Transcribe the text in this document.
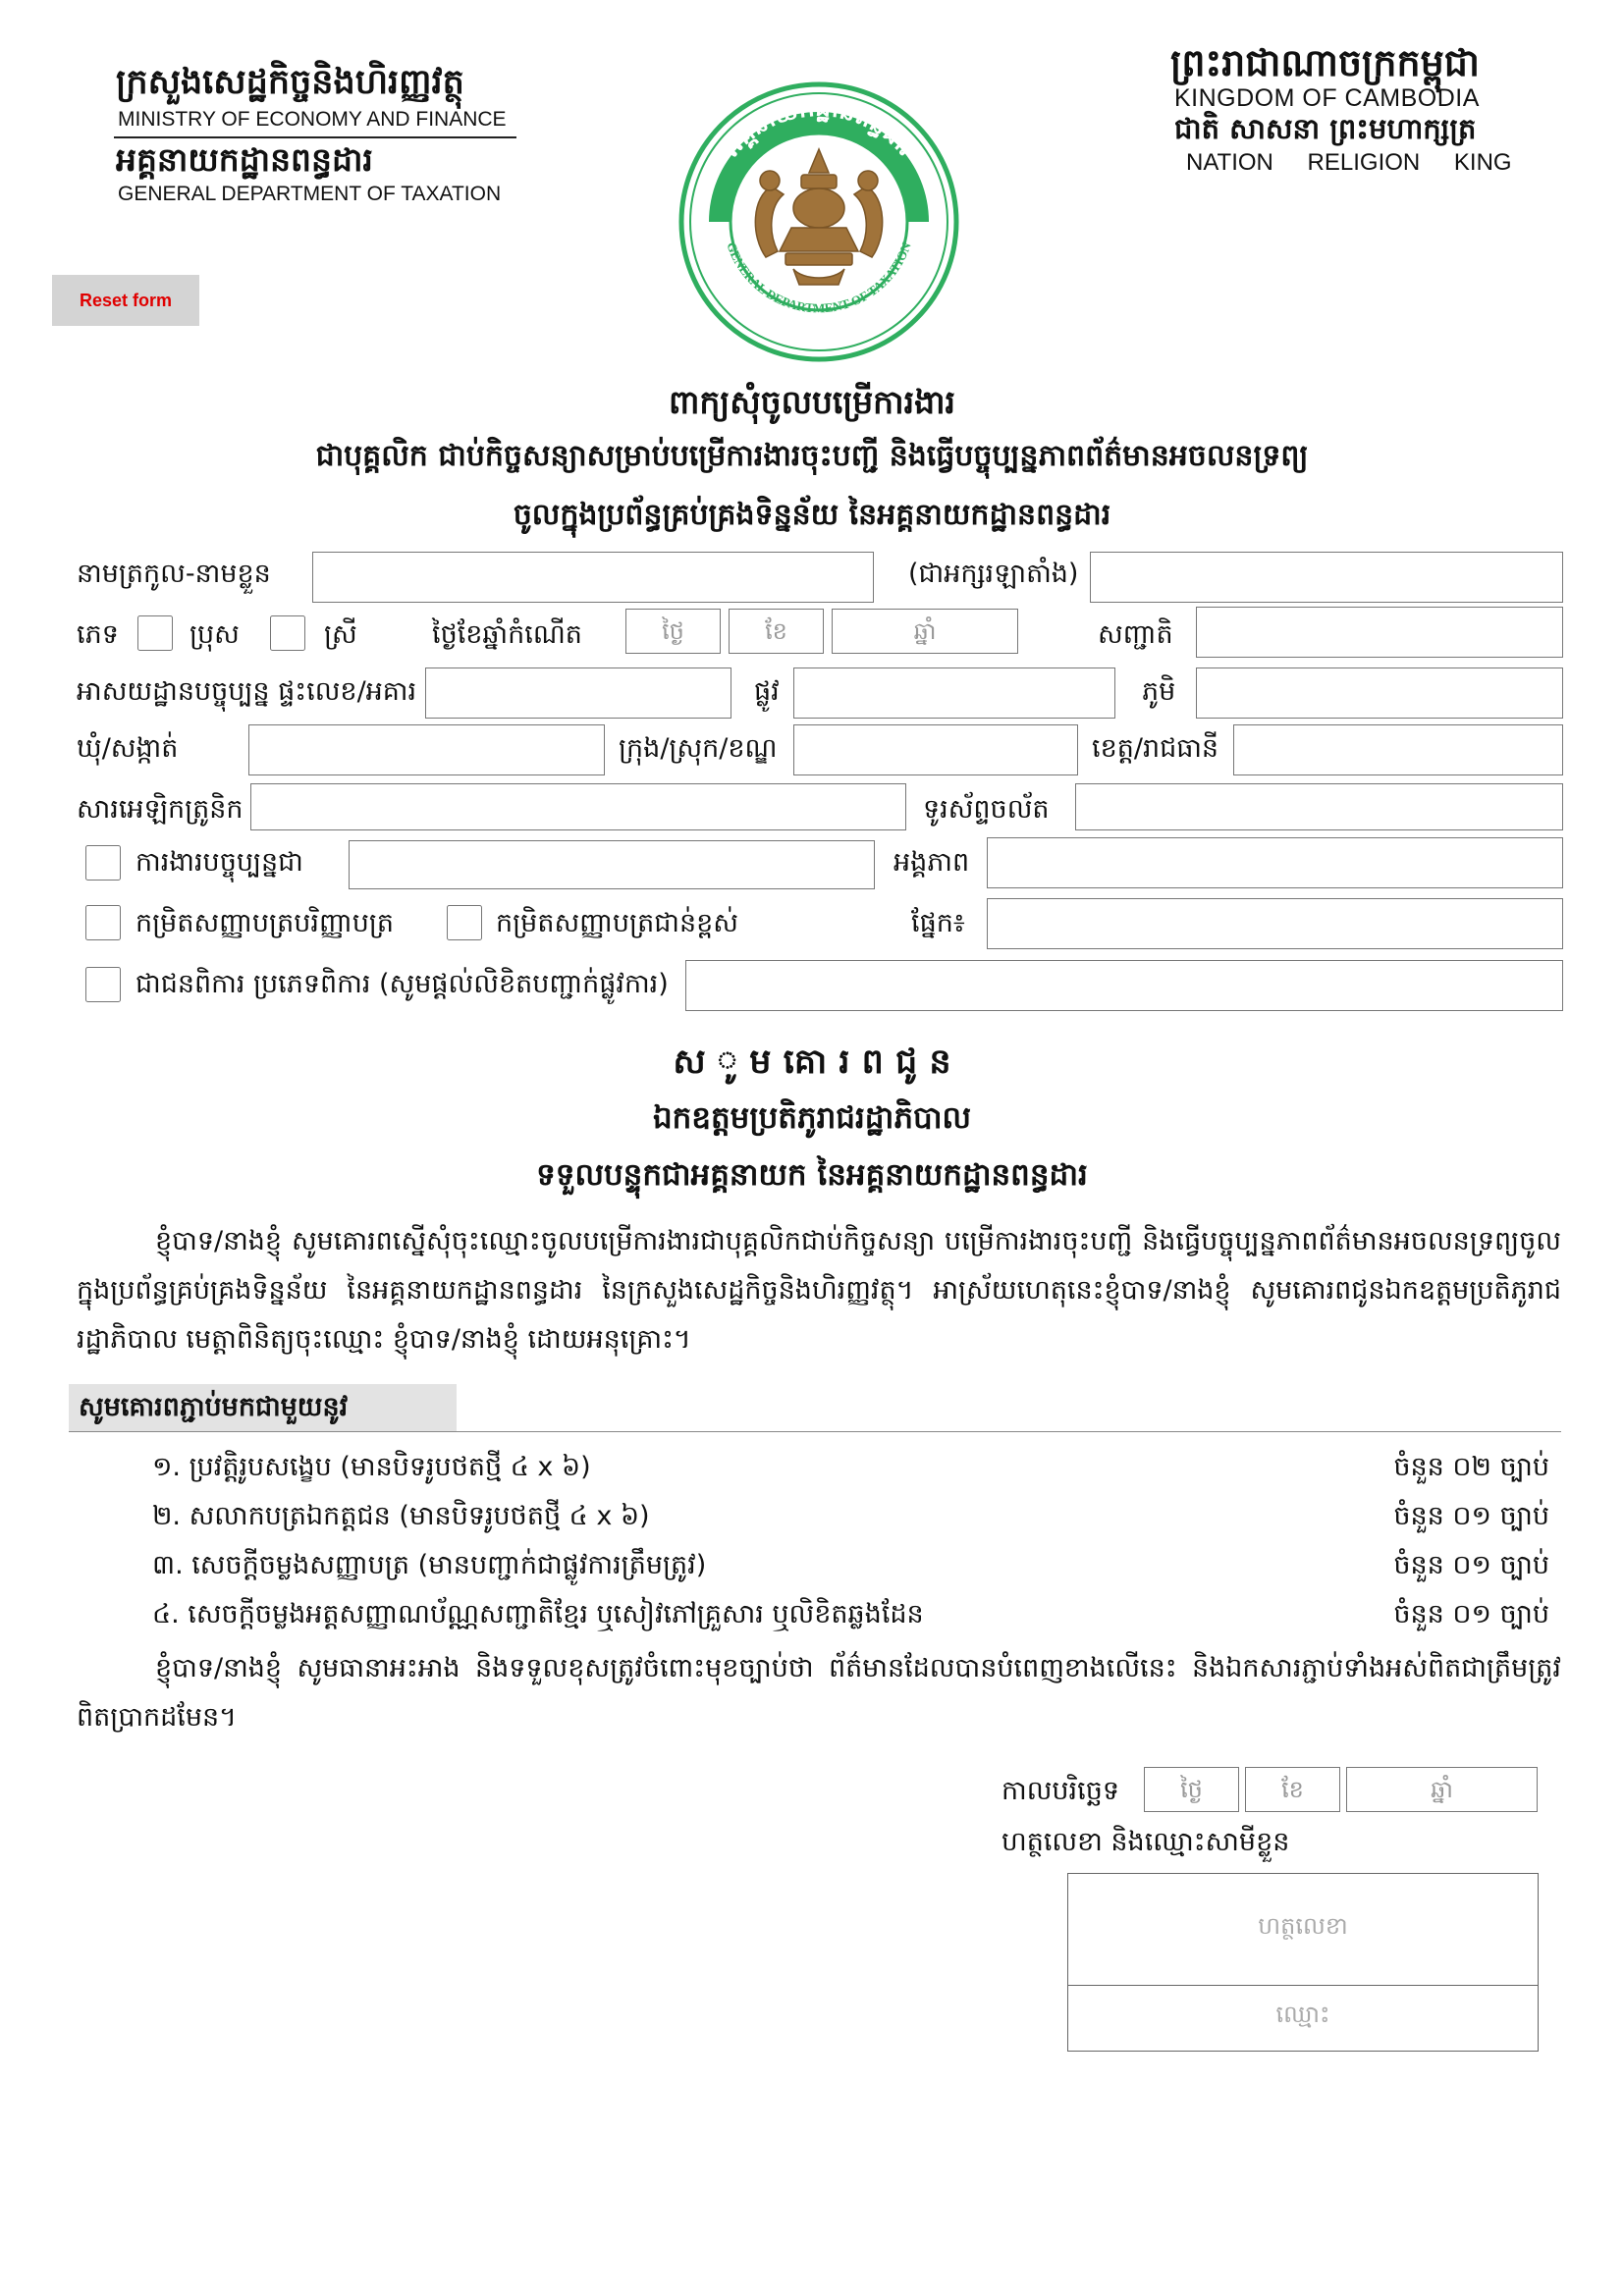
ក្រសួងសេដ្ឋកិច្ចនិងហិរញ្ញវត្ថុ
MINISTRY OF ECONOMY AND FINANCE
អគ្គនាយកដ្ឋានពន្ធដារ
GENERAL DEPARTMENT OF TAXATION
អគ្គនាយកដ្ឋានពន្ធដារ
GENERAL DEPARTMENT OF TAXATION
ព្រះរាជាណាចក្រកម្ពុជា
KINGDOM OF CAMBODIA
ជាតិ សាសនា ព្រះមហាក្សត្រ
NATION RELIGION KING
Reset form
ពាក្យសុំចូលបម្រើការងារ
ជាបុគ្គលិក ជាប់កិច្ចសន្យាសម្រាប់បម្រើការងារចុះបញ្ជី និងធ្វើបច្ចុប្បន្នភាពព័ត៌មានអចលនទ្រព្យ
ចូលក្នុងប្រព័ន្ធគ្រប់គ្រងទិន្នន័យ នៃអគ្គនាយកដ្ឋានពន្ធដារ
នាមត្រកូល-នាមខ្លួន	(ជាអក្សរឡាតាំង)
ភេទ	ប្រុស	ស្រី	ថ្ងៃខែឆ្នាំកំណើត	ថ្ងៃ	ខែ	ឆ្នាំ	សញ្ជាតិ
អាសយដ្ឋានបច្ចុប្បន្ន ផ្ទះលេខ/អគារ	ផ្លូវ	ភូមិ
ឃុំ/សង្កាត់	ក្រុង/ស្រុក/ខណ្ឌ	ខេត្ត/រាជធានី
សារអេឡិកត្រូនិក	ទូរស័ព្ទចល័ត
ការងារបច្ចុប្បន្នជា	អង្គភាព
កម្រិតសញ្ញាបត្របរិញ្ញាបត្រ	កម្រិតសញ្ញាបត្រជាន់ខ្ពស់	ផ្នែក៖
ជាជនពិការ ប្រភេទពិការ (សូមផ្តល់លិខិតបញ្ជាក់ផ្លូវការ)
ស ូ ម គោ រ ព ជូ ន
ឯកឧត្តមប្រតិភូរាជរដ្ឋាភិបាល
ទទួលបន្ទុកជាអគ្គនាយក នៃអគ្គនាយកដ្ឋានពន្ធដារ
ខ្ញុំបាទ/នាងខ្ញុំ សូមគោរពស្នើសុំចុះឈ្មោះចូលបម្រើការងារជាបុគ្គលិកជាប់កិច្ចសន្យា បម្រើការងារចុះបញ្ជី និងធ្វើបច្ចុប្បន្នភាពព័ត៌មានអចលនទ្រព្យចូលក្នុងប្រព័ន្ធគ្រប់គ្រងទិន្នន័យ នៃអគ្គនាយកដ្ឋានពន្ធដារ នៃក្រសួងសេដ្ឋកិច្ចនិងហិរញ្ញវត្ថុ។ អាស្រ័យហេតុនេះខ្ញុំបាទ/នាងខ្ញុំ សូមគោរពជូនឯកឧត្តមប្រតិភូរាជរដ្ឋាភិបាល មេត្តាពិនិត្យចុះឈ្មោះ ខ្ញុំបាទ/នាងខ្ញុំ ដោយអនុគ្រោះ។
សូមគោរពភ្ជាប់មកជាមួយនូវ
១. ប្រវត្តិរូបសង្ខេប (មានបិទរូបថតថ្មី ៤ x ៦)	ចំនួន ០២ ច្បាប់
២. សលាកបត្រឯកត្តជន (មានបិទរូបថតថ្មី ៤ x ៦)	ចំនួន ០១ ច្បាប់
៣. សេចក្តីចម្លងសញ្ញាបត្រ (មានបញ្ជាក់ជាផ្លូវការត្រឹមត្រូវ)	ចំនួន ០១ ច្បាប់
៤. សេចក្តីចម្លងអត្តសញ្ញាណប័ណ្ណសញ្ជាតិខ្មែរ ឬសៀវភៅគ្រួសារ ឬលិខិតឆ្លងដែន	ចំនួន ០១ ច្បាប់
ខ្ញុំបាទ/នាងខ្ញុំ សូមធានាអះអាង និងទទួលខុសត្រូវចំពោះមុខច្បាប់ថា ព័ត៌មានដែលបានបំពេញខាងលើនេះ និងឯកសារភ្ជាប់ទាំងអស់ពិតជាត្រឹមត្រូវពិតប្រាកដមែន។
កាលបរិច្ឆេទ	ថ្ងៃ	ខែ	ឆ្នាំ
ហត្ថលេខា និងឈ្មោះសាមីខ្លួន
ហត្ថលេខា
ឈ្មោះ
